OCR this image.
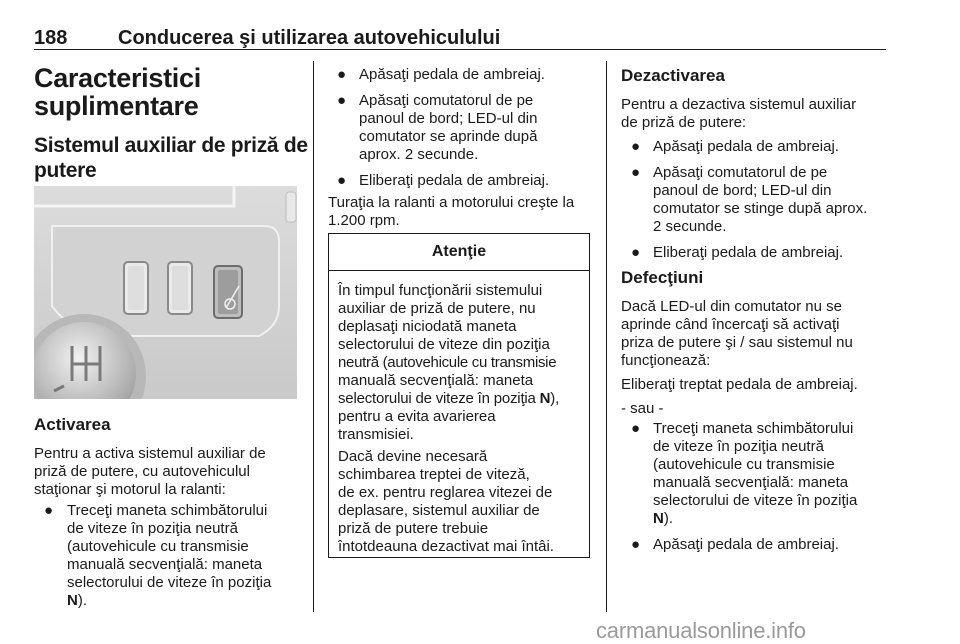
188	Conducerea şi utilizarea autovehiculului
Caracteristici
suplimentare
Sistemul auxiliar de priză de
putere
Activarea
Pentru a activa sistemul auxiliar de
priză de putere, cu autovehiculul
staţionar şi motorul la ralanti:
● Treceţi maneta schimbătorului
de viteze în poziţia neutră
(autovehicule cu transmisie
manuală secvenţială: maneta
selectorului de viteze în poziţia
N).
● Apăsaţi pedala de ambreiaj.
● Apăsaţi comutatorul de pe
panoul de bord; LED-ul din
comutator se aprinde după
aprox. 2 secunde.
● Eliberaţi pedala de ambreiaj.
Turaţia la ralanti a motorului creşte la
1.200 rpm.
Atenţie
În timpul funcţionării sistemului
auxiliar de priză de putere, nu
deplasaţi niciodată maneta
selectorului de viteze din poziţia
neutră (autovehicule cu transmisie
manuală secvenţială: maneta
selectorului de viteze în poziţia N),
pentru a evita avarierea
transmisiei.
Dacă devine necesară
schimbarea treptei de viteză,
de ex. pentru reglarea vitezei de
deplasare, sistemul auxiliar de
priză de putere trebuie
întotdeauna dezactivat mai întâi.
Dezactivarea
Pentru a dezactiva sistemul auxiliar
de priză de putere:
● Apăsaţi pedala de ambreiaj.
● Apăsaţi comutatorul de pe
panoul de bord; LED-ul din
comutator se stinge după aprox.
2 secunde.
● Eliberaţi pedala de ambreiaj.
Defecţiuni
Dacă LED-ul din comutator nu se
aprinde când încercaţi să activaţi
priza de putere şi / sau sistemul nu
funcţionează:
Eliberaţi treptat pedala de ambreiaj.
- sau -
● Treceţi maneta schimbătorului
de viteze în poziţia neutră
(autovehicule cu transmisie
manuală secvenţială: maneta
selectorului de viteze în poziţia
N).
● Apăsaţi pedala de ambreiaj.
carmanualsonline.info
